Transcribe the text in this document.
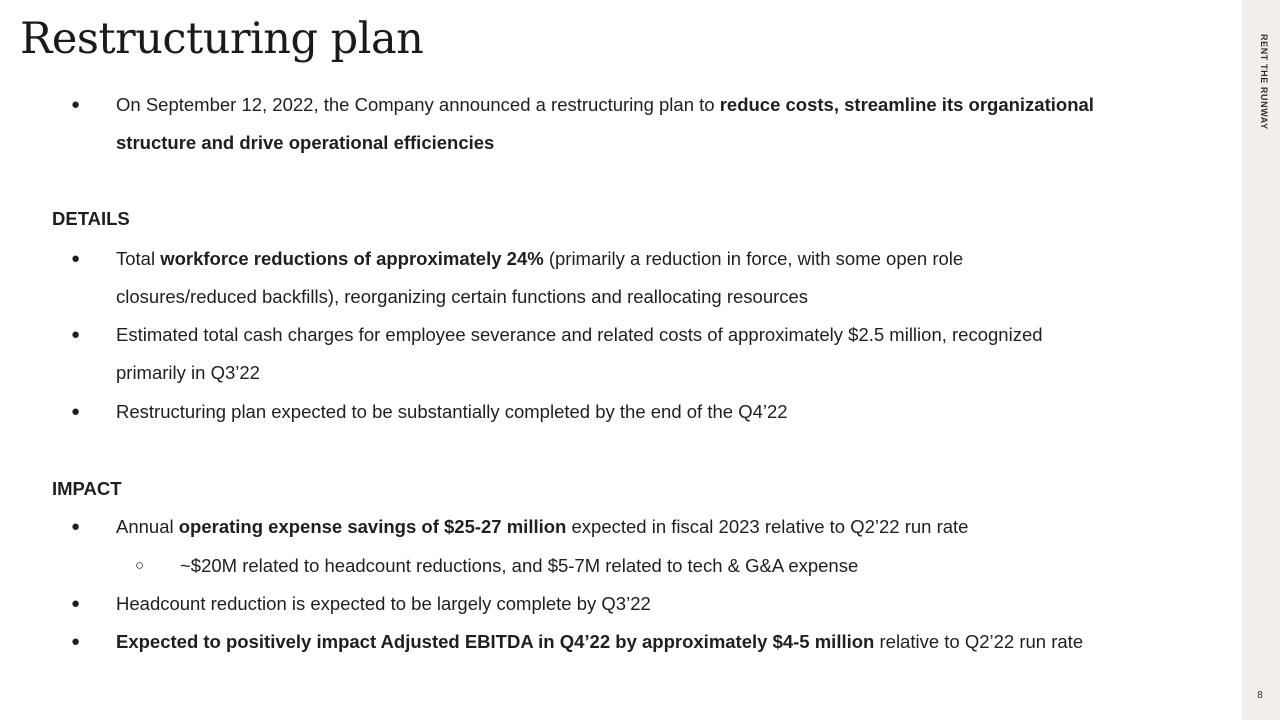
Restructuring plan	RENT THE RUNWAY
8
● On September 12, 2022, the Company announced a restructuring plan to reduce costs, streamline its organizational
structure and drive operational efficiencies
DETAILS
● Total workforce reductions of approximately 24% (primarily a reduction in force, with some open role
closures/reduced backfills), reorganizing certain functions and reallocating resources
● Estimated total cash charges for employee severance and related costs of approximately $2.5 million, recognized
primarily in Q3’22
● Restructuring plan expected to be substantially completed by the end of the Q4’22
IMPACT
● Annual operating expense savings of $25-27 million expected in fiscal 2023 relative to Q2’22 run rate
○ ~$20M related to headcount reductions, and $5-7M related to tech & G&A expense
● Headcount reduction is expected to be largely complete by Q3’22
● Expected to positively impact Adjusted EBITDA in Q4’22 by approximately $4-5 million relative to Q2’22 run rate
